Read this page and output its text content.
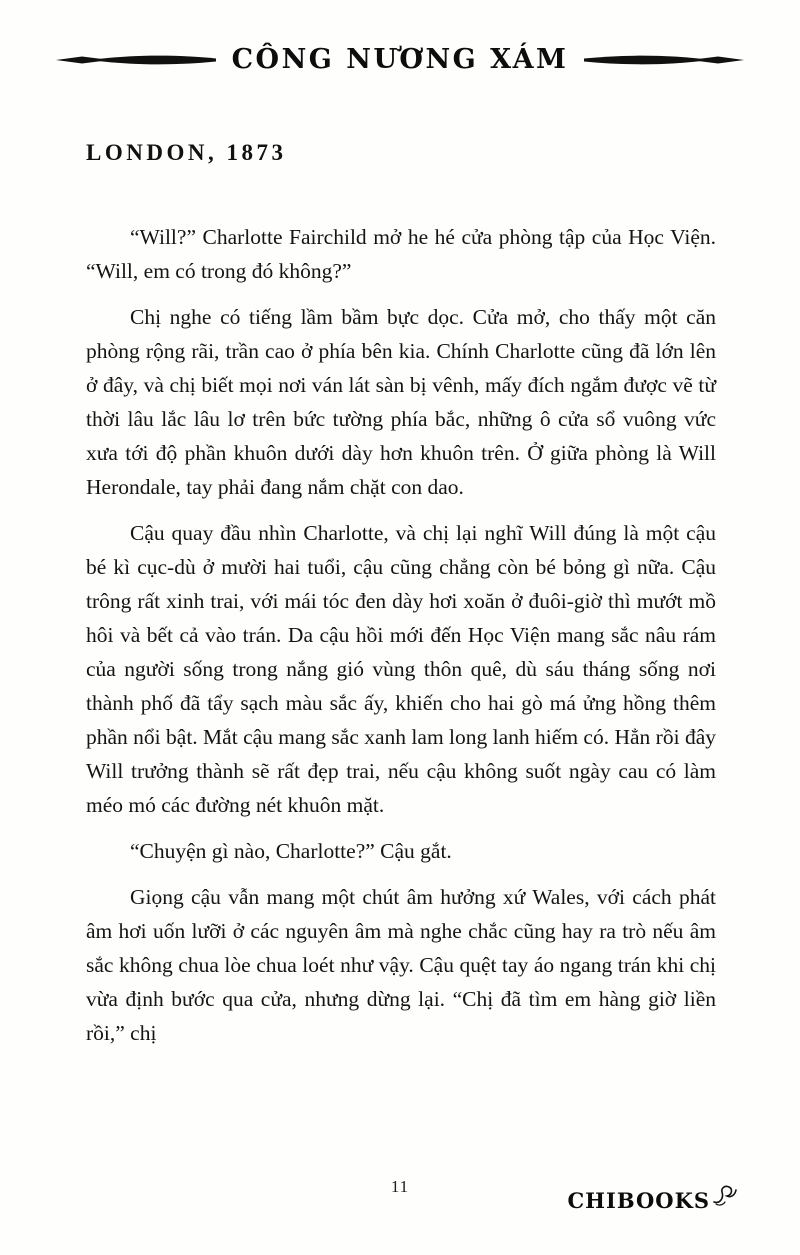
CÔNG NƯƠNG XÁM
LONDON, 1873

“Will?” Charlotte Fairchild mở he hé cửa phòng tập của Học Viện. “Will, em có trong đó không?”

Chị nghe có tiếng lầm bầm bực dọc. Cửa mở, cho thấy một căn phòng rộng rãi, trần cao ở phía bên kia. Chính Charlotte cũng đã lớn lên ở đây, và chị biết mọi nơi ván lát sàn bị vênh, mấy đích ngắm được vẽ từ thời lâu lắc lâu lơ trên bức tường phía bắc, những ô cửa sổ vuông vức xưa tới độ phần khuôn dưới dày hơn khuôn trên. Ở giữa phòng là Will Herondale, tay phải đang nắm chặt con dao.

Cậu quay đầu nhìn Charlotte, và chị lại nghĩ Will đúng là một cậu bé kì cục-dù ở mười hai tuổi, cậu cũng chẳng còn bé bỏng gì nữa. Cậu trông rất xinh trai, với mái tóc đen dày hơi xoăn ở đuôi-giờ thì mướt mồ hôi và bết cả vào trán. Da cậu hồi mới đến Học Viện mang sắc nâu rám của người sống trong nắng gió vùng thôn quê, dù sáu tháng sống nơi thành phố đã tẩy sạch màu sắc ấy, khiến cho hai gò má ửng hồng thêm phần nổi bật. Mắt cậu mang sắc xanh lam long lanh hiếm có. Hẳn rồi đây Will trưởng thành sẽ rất đẹp trai, nếu cậu không suốt ngày cau có làm méo mó các đường nét khuôn mặt.

“Chuyện gì nào, Charlotte?” Cậu gắt.

Giọng cậu vẫn mang một chút âm hưởng xứ Wales, với cách phát âm hơi uốn lưỡi ở các nguyên âm mà nghe chắc cũng hay ra trò nếu âm sắc không chua lòe chua loét như vậy. Cậu quệt tay áo ngang trán khi chị vừa định bước qua cửa, nhưng dừng lại. “Chị đã tìm em hàng giờ liền rồi,” chị

11
CHIBOOKS
